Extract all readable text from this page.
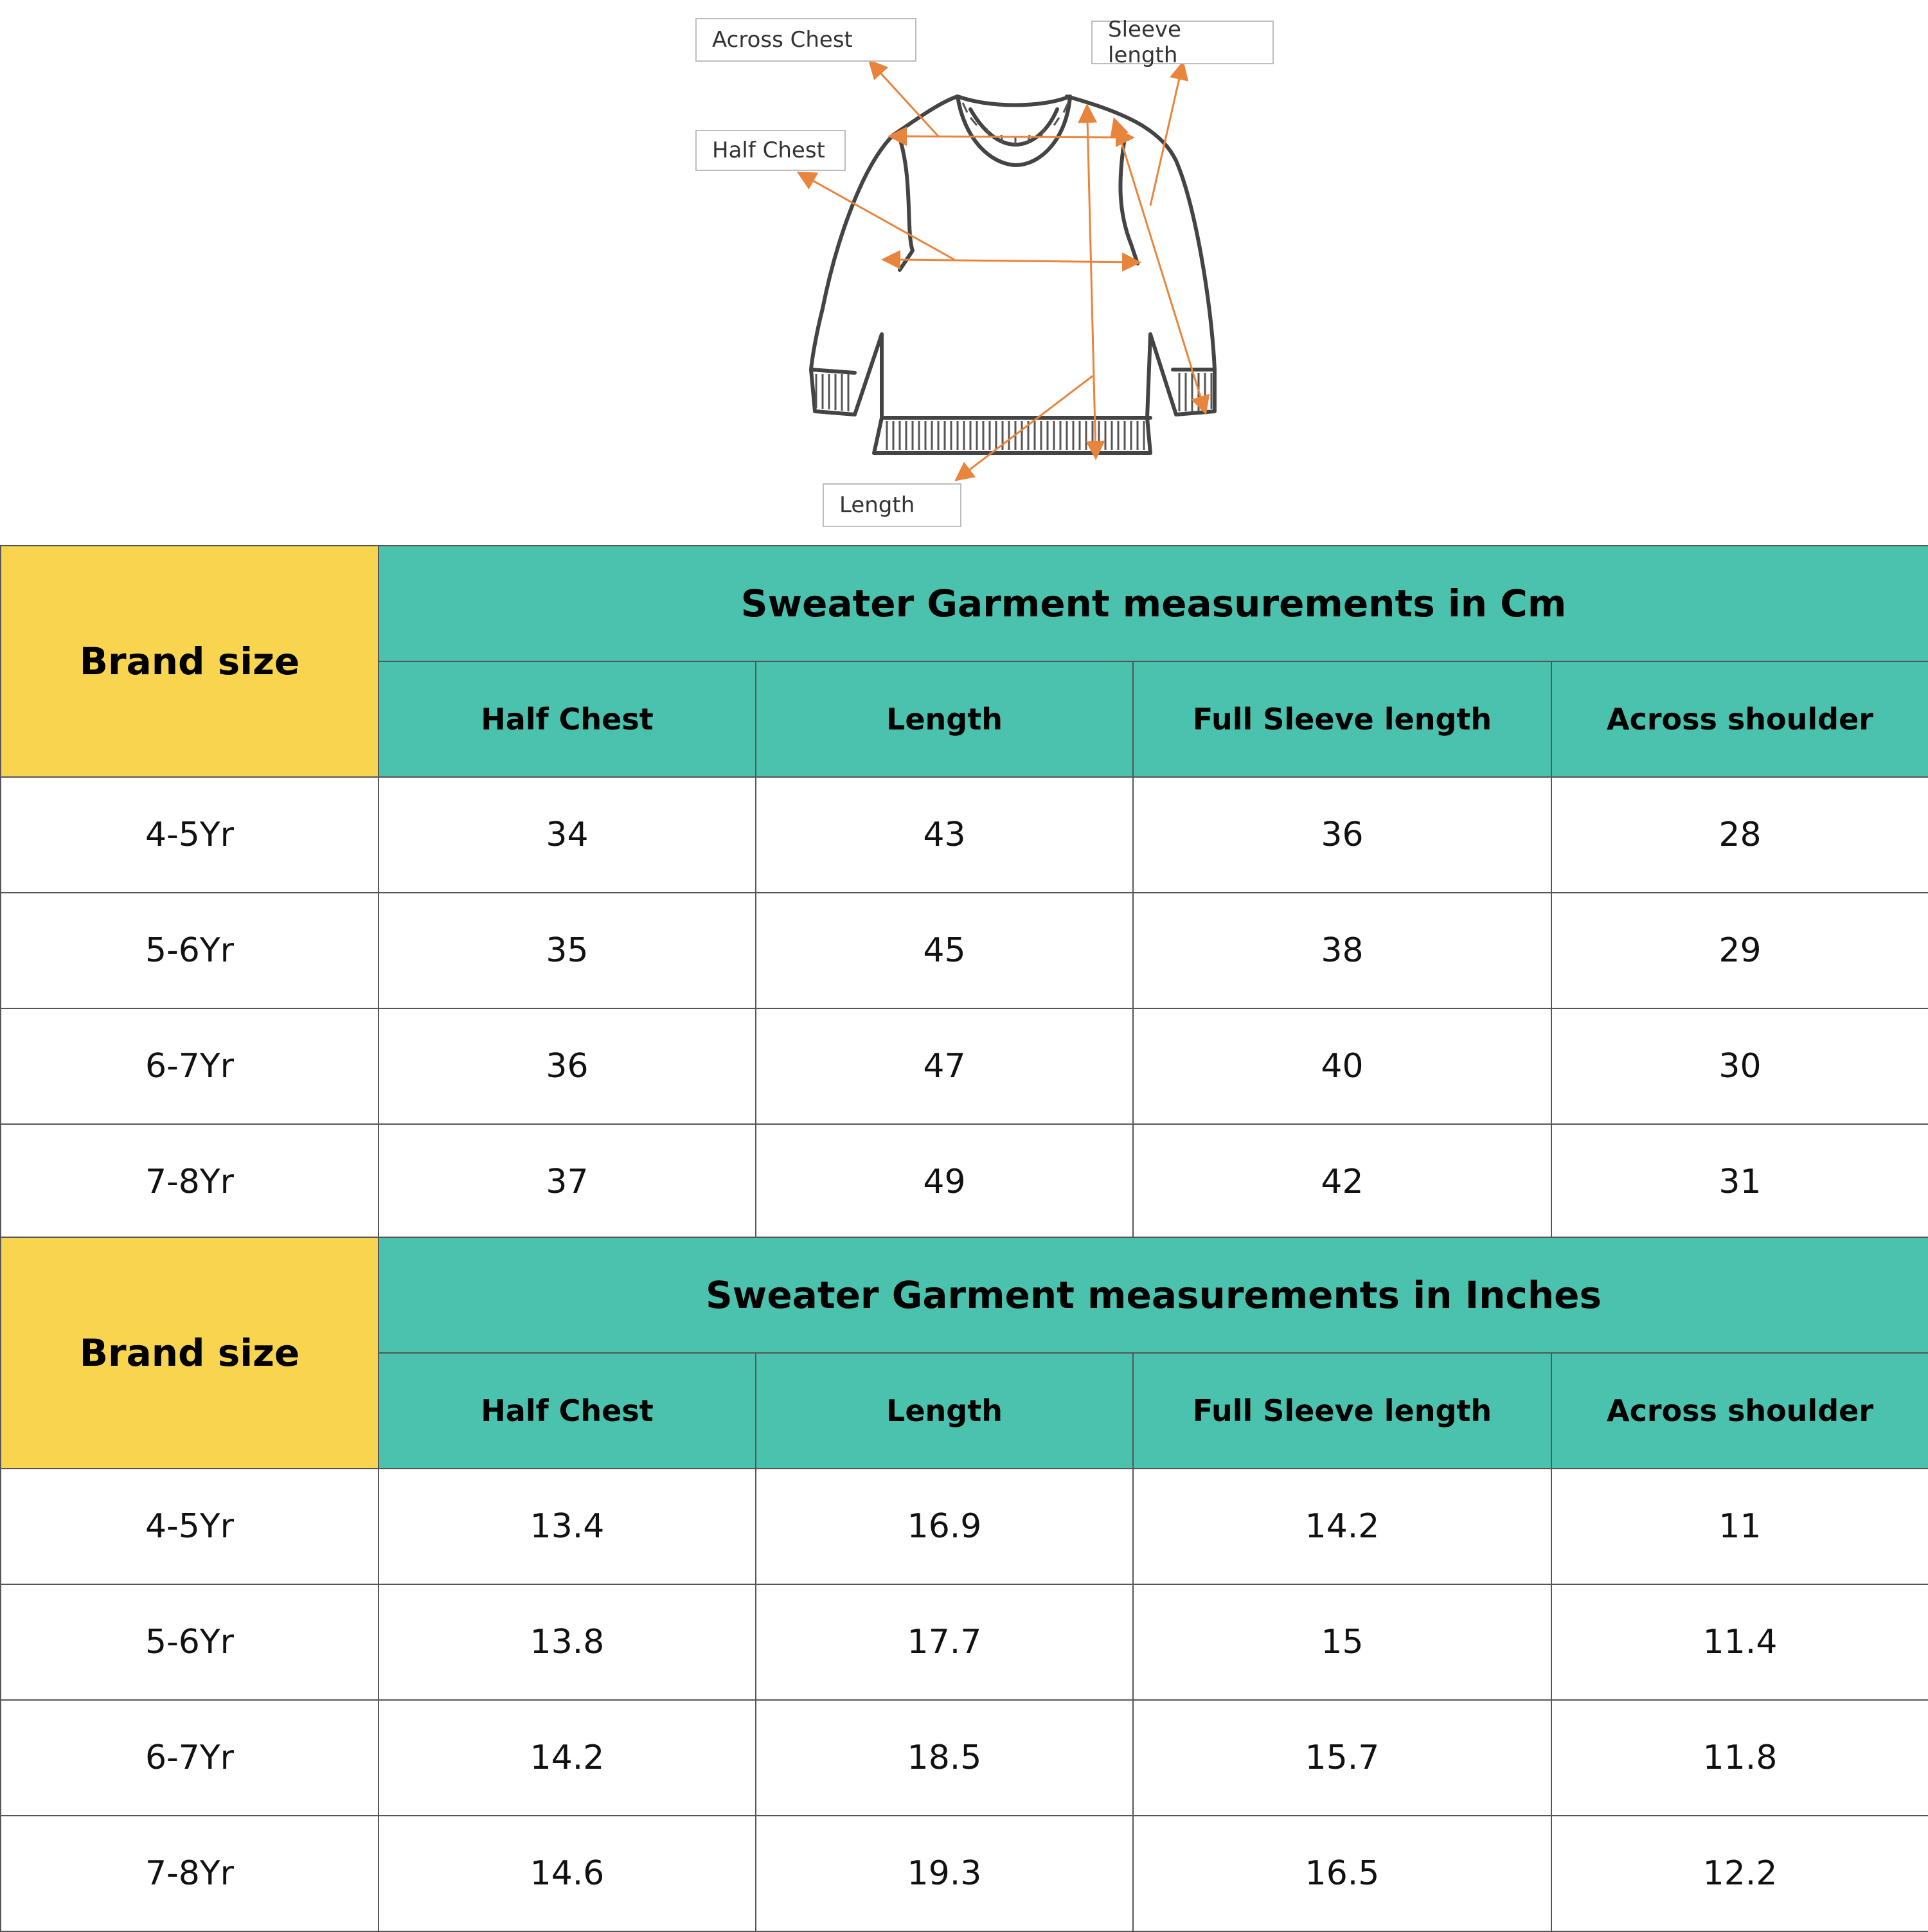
Across Chest	Sleeve length
Half Chest
Length
Brand size	Sweater Garment measurements in Cm			
	Half Chest	Length	Full Sleeve length	Across shoulder
4-5Yr	34	43	36	28
5-6Yr	35	45	38	29
6-7Yr	36	47	40	30
7-8Yr	37	49	42	31
Brand size	Sweater Garment measurements in Inches			
	Half Chest	Length	Full Sleeve length	Across shoulder
4-5Yr	13.4	16.9	14.2	11
5-6Yr	13.8	17.7	15	11.4
6-7Yr	14.2	18.5	15.7	11.8
7-8Yr	14.6	19.3	16.5	12.2
